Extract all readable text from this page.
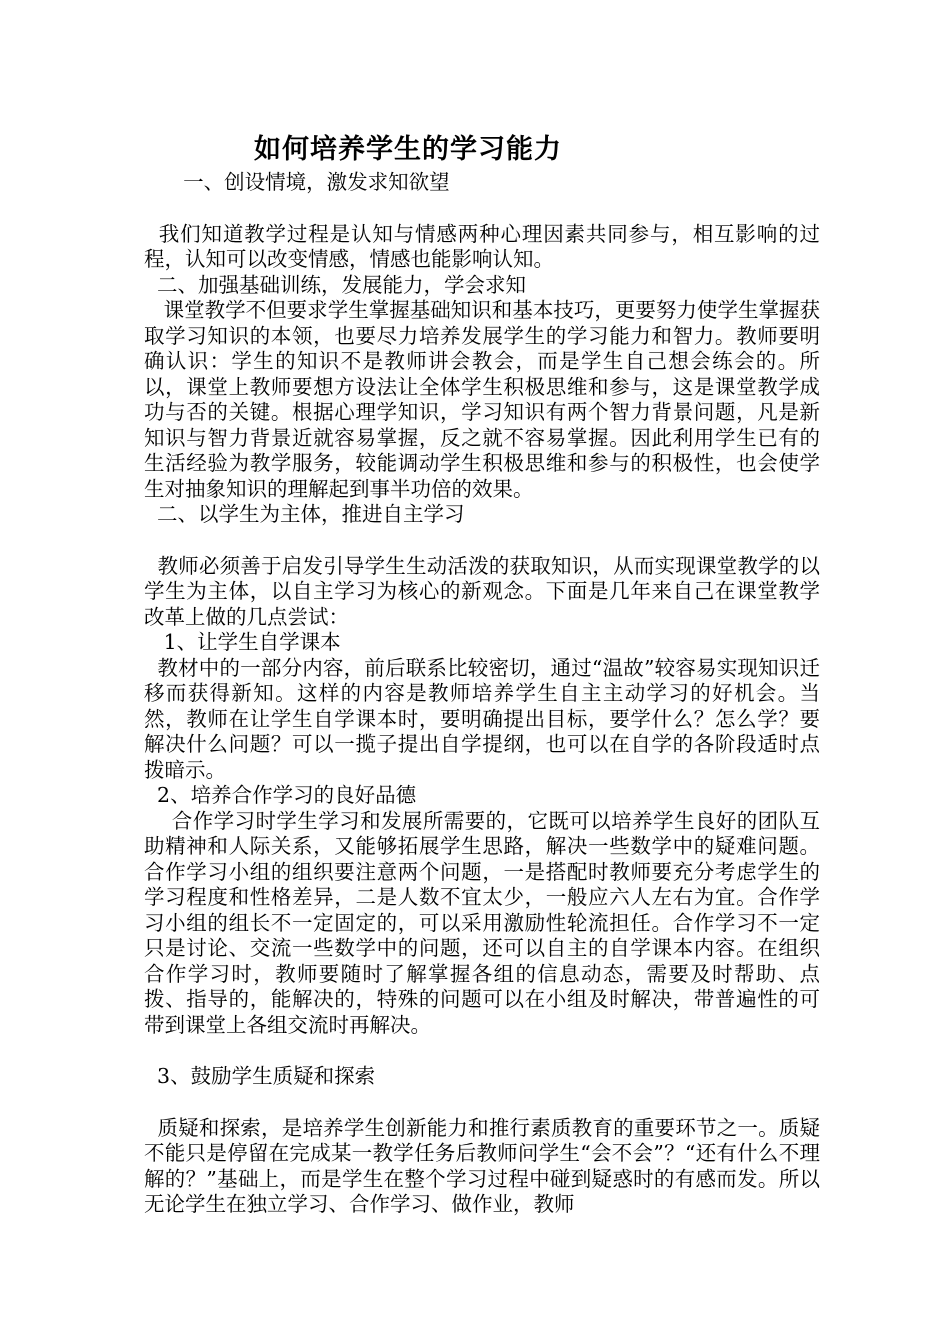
如何培养学生的学习能力

一、创设情境，激发求知欲望

我们知道教学过程是认知与情感两种心理因素共同参与，相互影响的过程，认知可以改变情感，情感也能影响认知。

二、加强基础训练，发展能力，学会求知

课堂教学不但要求学生掌握基础知识和基本技巧，更要努力使学生掌握获取学习知识的本领，也要尽力培养发展学生的学习能力和智力。教师要明确认识：学生的知识不是教师讲会教会，而是学生自己想会练会的。所以，课堂上教师要想方设法让全体学生积极思维和参与，这是课堂教学成功与否的关键。根据心理学知识，学习知识有两个智力背景问题，凡是新知识与智力背景近就容易掌握，反之就不容易掌握。因此利用学生已有的生活经验为教学服务，较能调动学生积极思维和参与的积极性，也会使学生对抽象知识的理解起到事半功倍的效果。

二、以学生为主体，推进自主学习

教师必须善于启发引导学生生动活泼的获取知识，从而实现课堂教学的以学生为主体，以自主学习为核心的新观念。下面是几年来自己在课堂教学改革上做的几点尝试：

1、让学生自学课本

教材中的一部分内容，前后联系比较密切，通过“温故”较容易实现知识迁移而获得新知。这样的内容是教师培养学生自主主动学习的好机会。当然，教师在让学生自学课本时，要明确提出目标，要学什么？怎么学？要解决什么问题？可以一揽子提出自学提纲，也可以在自学的各阶段适时点拨暗示。

2、培养合作学习的良好品德

合作学习时学生学习和发展所需要的，它既可以培养学生良好的团队互助精神和人际关系，又能够拓展学生思路，解决一些数学中的疑难问题。合作学习小组的组织要注意两个问题，一是搭配时教师要充分考虑学生的学习程度和性格差异，二是人数不宜太少，一般应六人左右为宜。合作学习小组的组长不一定固定的，可以采用激励性轮流担任。合作学习不一定只是讨论、交流一些数学中的问题，还可以自主的自学课本内容。在组织合作学习时，教师要随时了解掌握各组的信息动态，需要及时帮助、点拨、指导的，能解决的，特殊的问题可以在小组及时解决，带普遍性的可带到课堂上各组交流时再解决。

3、鼓励学生质疑和探索

质疑和探索，是培养学生创新能力和推行素质教育的重要环节之一。质疑不能只是停留在完成某一教学任务后教师问学生“会不会”？“还有什么不理解的？”基础上，而是学生在整个学习过程中碰到疑惑时的有感而发。所以无论学生在独立学习、合作学习、做作业，教师
